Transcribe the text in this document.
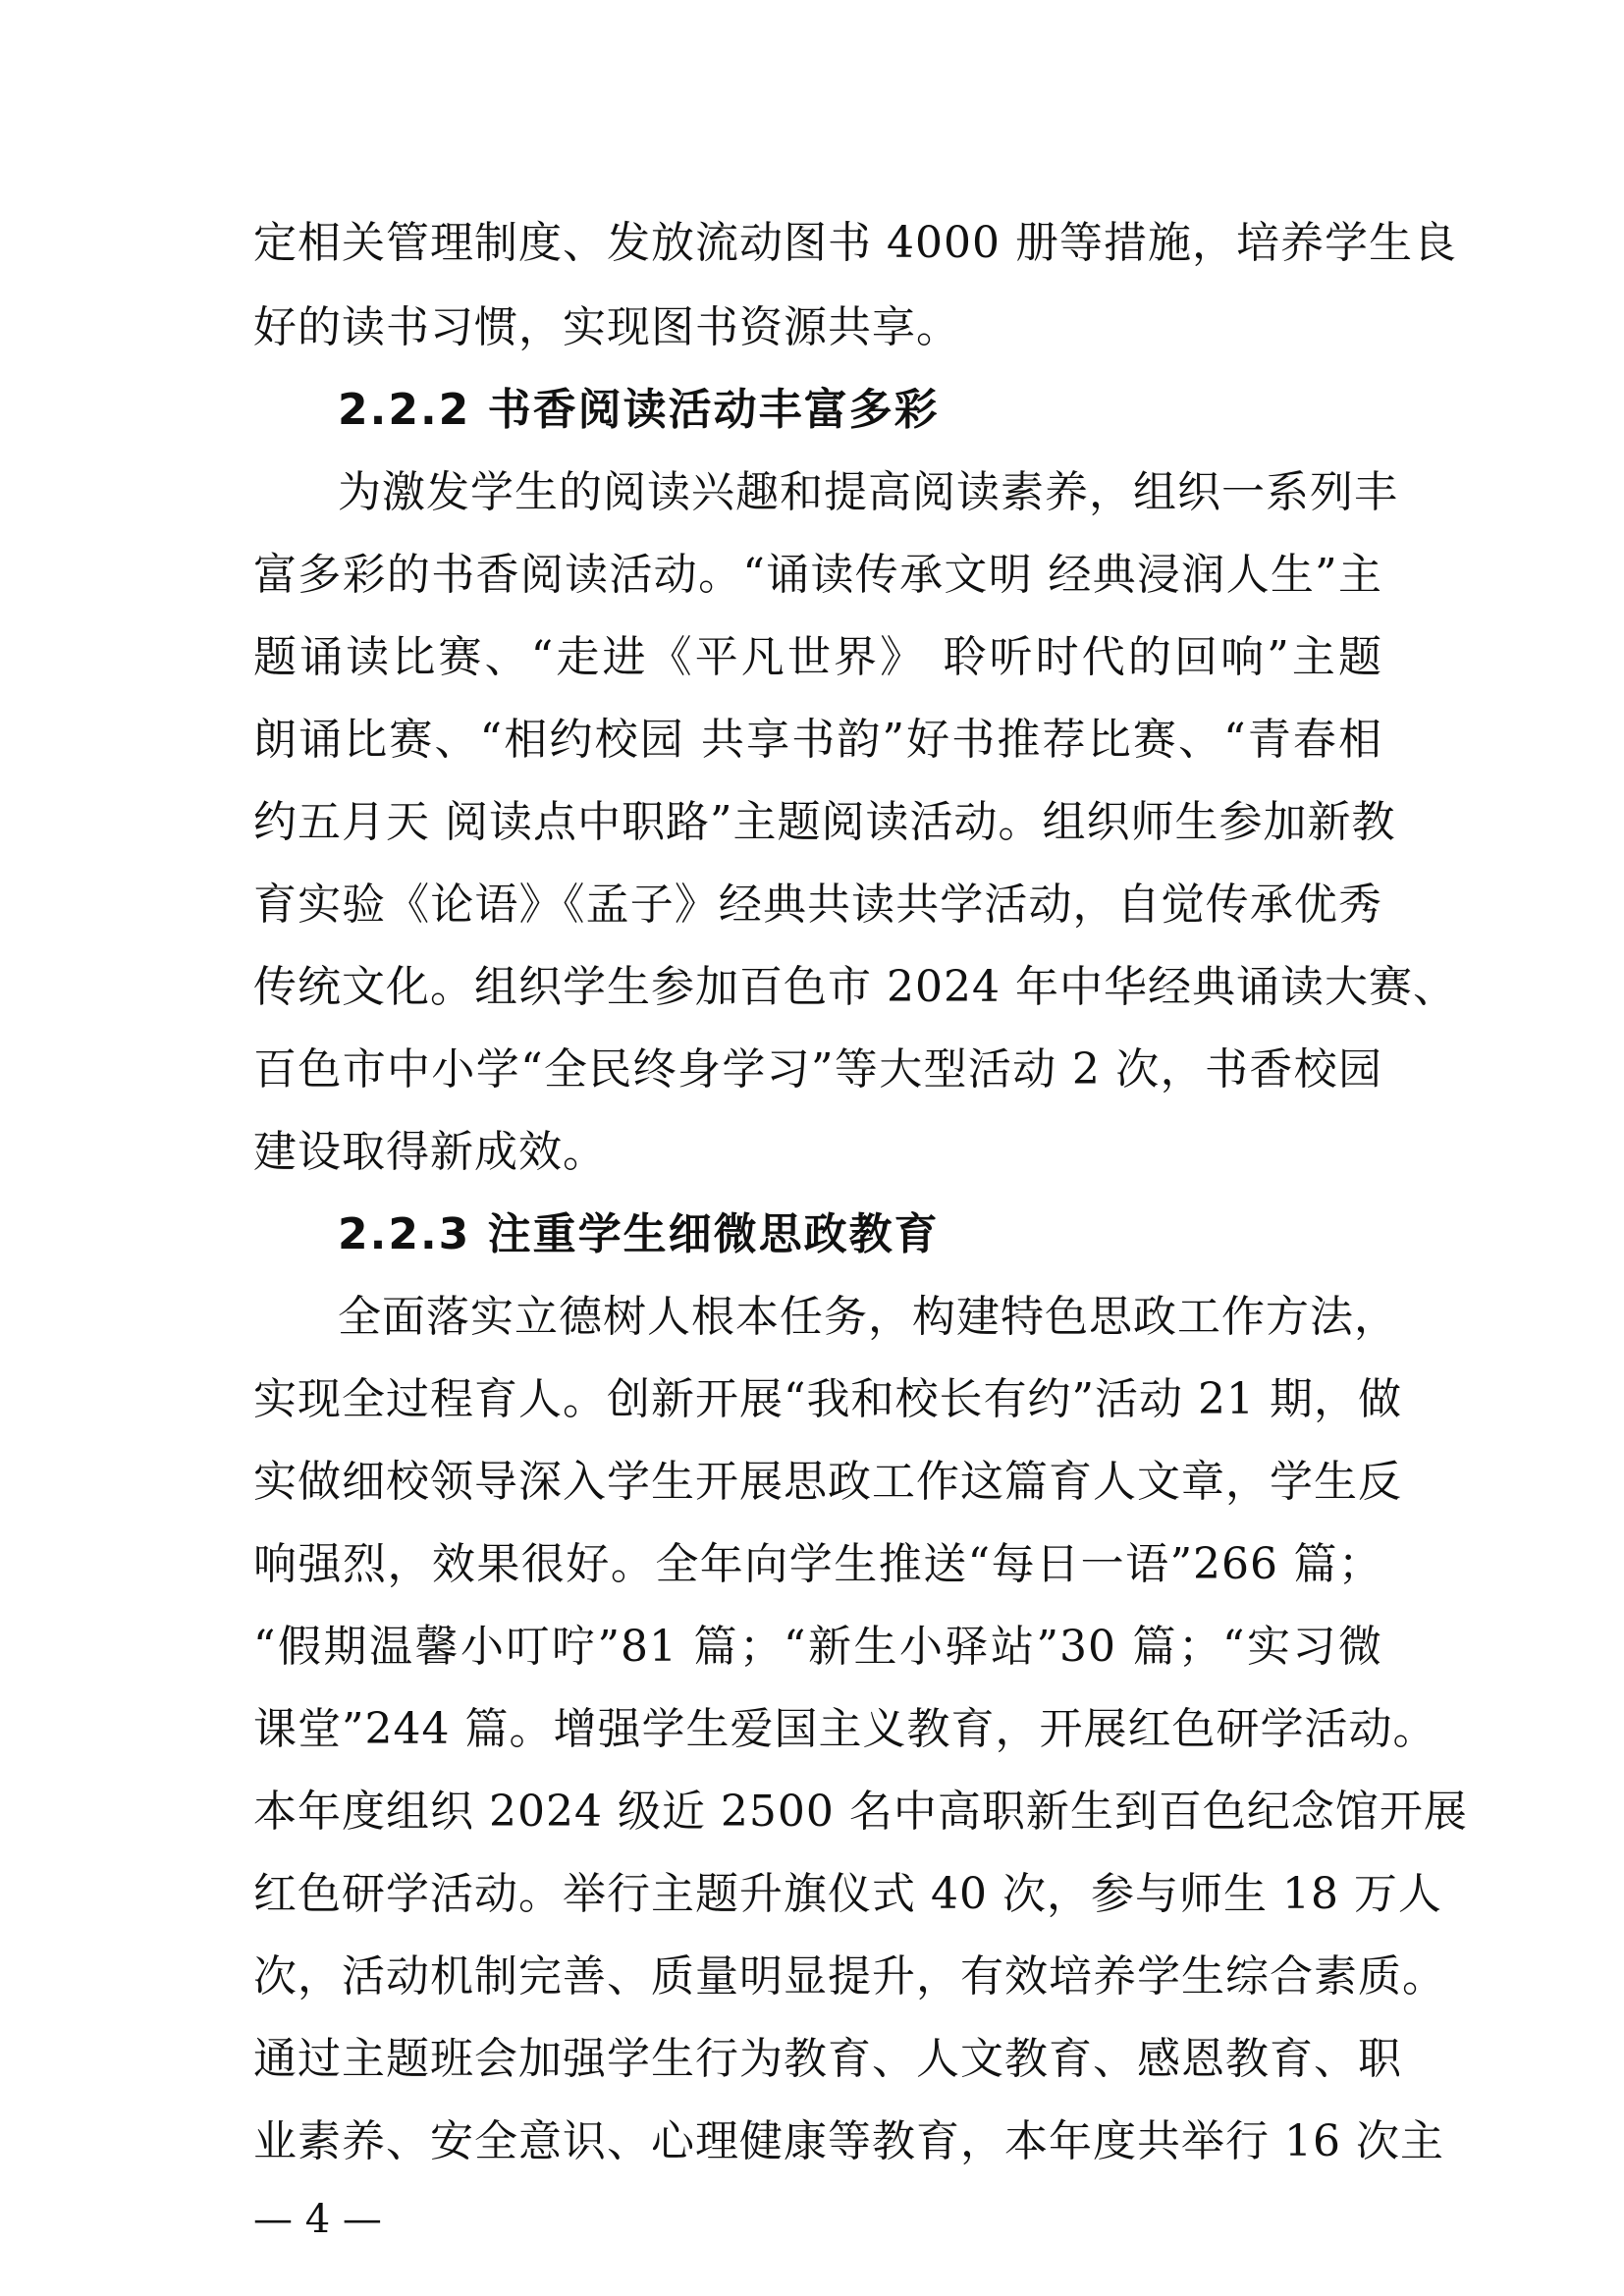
定相关管理制度、发放流动图书 4000 册等措施，培养学生良
好的读书习惯，实现图书资源共享。
2.2.2 书香阅读活动丰富多彩
为激发学生的阅读兴趣和提高阅读素养，组织一系列丰
富多彩的书香阅读活动。“诵读传承文明 经典浸润人生”主
题诵读比赛、“走进《平凡世界》 聆听时代的回响”主题
朗诵比赛、“相约校园 共享书韵”好书推荐比赛、“青春相
约五月天 阅读点中职路”主题阅读活动。组织师生参加新教
育实验《论语》《孟子》经典共读共学活动，自觉传承优秀
传统文化。组织学生参加百色市 2024 年中华经典诵读大赛、
百色市中小学“全民终身学习”等大型活动 2 次，书香校园
建设取得新成效。
2.2.3 注重学生细微思政教育
全面落实立德树人根本任务，构建特色思政工作方法，
实现全过程育人。创新开展“我和校长有约”活动 21 期，做
实做细校领导深入学生开展思政工作这篇育人文章，学生反
响强烈，效果很好。全年向学生推送“每日一语”266 篇；
“假期温馨小叮咛”81 篇；“新生小驿站”30 篇；“实习微
课堂”244 篇。增强学生爱国主义教育，开展红色研学活动。
本年度组织 2024 级近 2500 名中高职新生到百色纪念馆开展
红色研学活动。举行主题升旗仪式 40 次，参与师生 18 万人
次，活动机制完善、质量明显提升，有效培养学生综合素质。
通过主题班会加强学生行为教育、人文教育、感恩教育、职
业素养、安全意识、心理健康等教育，本年度共举行 16 次主
— 4 —
